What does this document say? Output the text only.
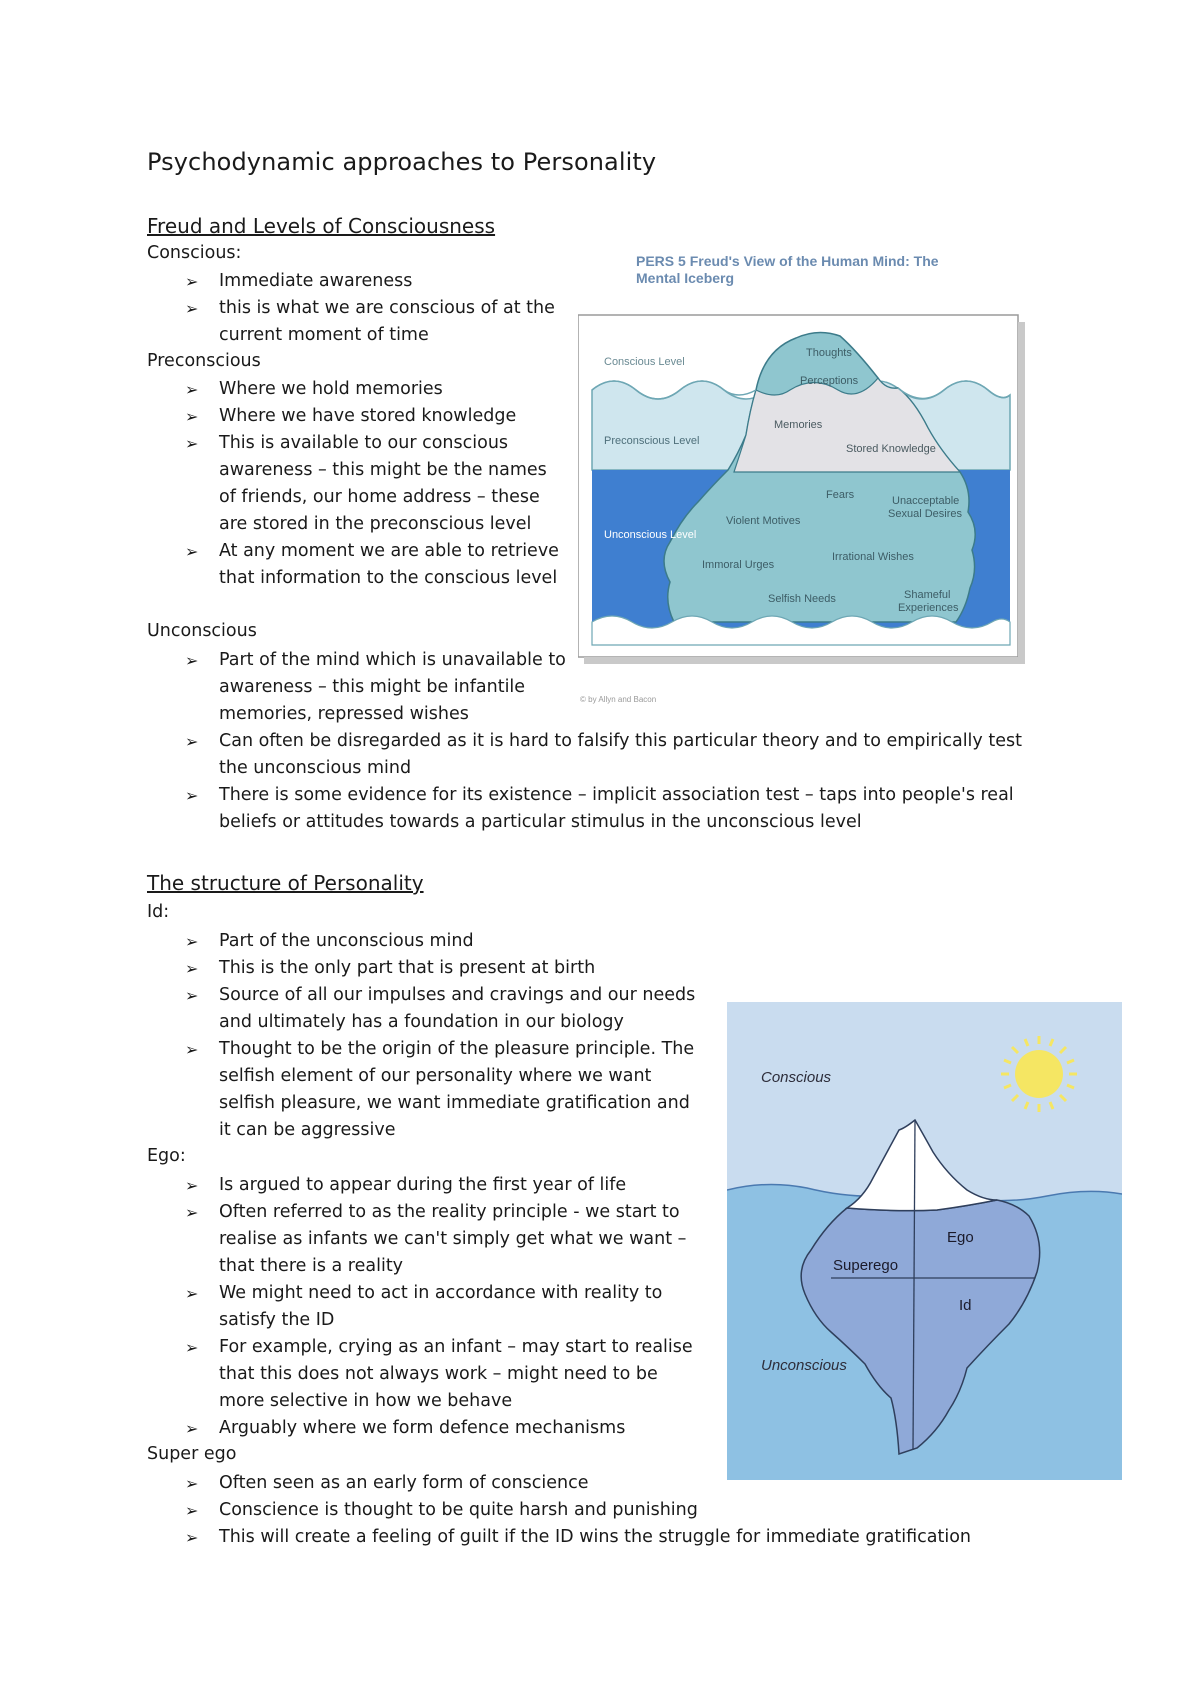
Psychodynamic approaches to Personality
Freud and Levels of Consciousness
Conscious:
➢ Immediate awareness
➢ this is what we are conscious of at the current moment of time
Preconscious
➢ Where we hold memories
➢ Where we have stored knowledge
➢ This is available to our conscious awareness – this might be the names of friends, our home address – these are stored in the preconscious level
➢ At any moment we are able to retrieve that information to the conscious level
Unconscious
➢ Part of the mind which is unavailable to awareness – this might be infantile memories, repressed wishes
➢ Can often be disregarded as it is hard to falsify this particular theory and to empirically test the unconscious mind
➢ There is some evidence for its existence – implicit association test – taps into people's real beliefs or attitudes towards a particular stimulus in the unconscious level
PERS 5 Freud's View of the Human Mind: The
Mental Iceberg
Conscious Level
Preconscious Level
Unconscious Level
Thoughts
Perceptions
Memories
Stored Knowledge
Fears	Unacceptable
Sexual Desires
Violent Motives
Immoral Urges
Irrational Wishes
Selfish Needs	Shameful
Experiences
© by Allyn and Bacon
The structure of Personality
Id:
➢ Part of the unconscious mind
➢ This is the only part that is present at birth
➢ Source of all our impulses and cravings and our needs and ultimately has a foundation in our biology
➢ Thought to be the origin of the pleasure principle. The selfish element of our personality where we want selfish pleasure, we want immediate gratification and it can be aggressive
Ego:
➢ Is argued to appear during the first year of life
➢ Often referred to as the reality principle - we start to realise as infants we can't simply get what we want – that there is a reality
➢ We might need to act in accordance with reality to satisfy the ID
➢ For example, crying as an infant – may start to realise that this does not always work – might need to be more selective in how we behave
➢ Arguably where we form defence mechanisms
Super ego
➢ Often seen as an early form of conscience
➢ Conscience is thought to be quite harsh and punishing
➢ This will create a feeling of guilt if the ID wins the struggle for immediate gratification
Conscious
Unconscious
Ego
Superego
Id
